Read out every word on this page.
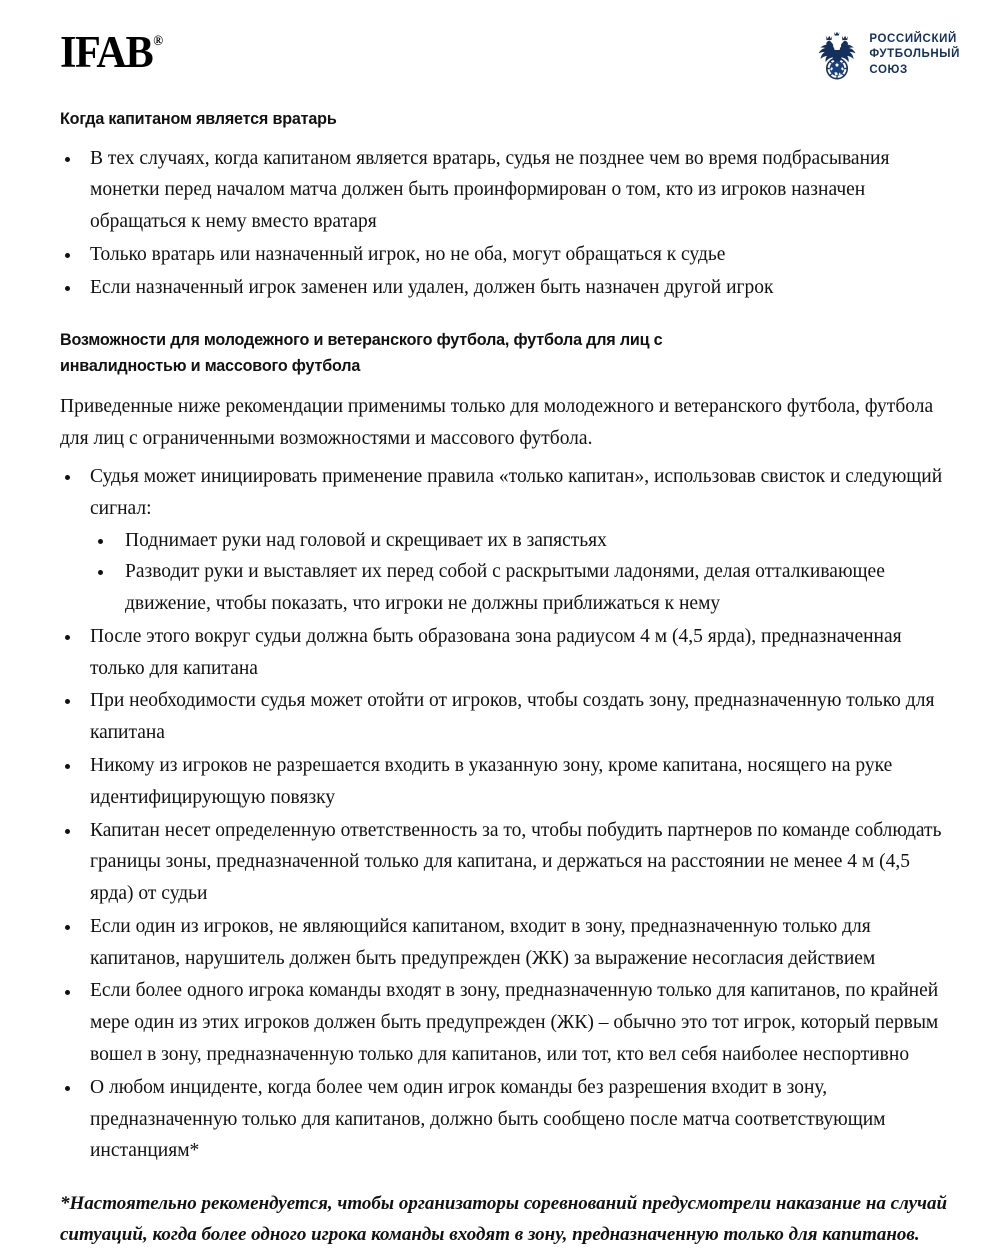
IFAB®	РОССИЙСКИЙ
ФУТБОЛЬНЫЙ
СОЮЗ
Когда капитаном является вратарь
В тех случаях, когда капитаном является вратарь, судья не позднее чем во время подбрасывания монетки перед началом матча должен быть проинформирован о том, кто из игроков назначен обращаться к нему вместо вратаря
Только вратарь или назначенный игрок, но не оба, могут обращаться к судье
Если назначенный игрок заменен или удален, должен быть назначен другой игрок
Возможности для молодежного и ветеранского футбола, футбола для лиц с
инвалидностью и массового футбола

Приведенные ниже рекомендации применимы только для молодежного и ветеранского футбола, футбола для лиц с ограниченными возможностями и массового футбола.

Судья может инициировать применение правила «только капитан», использовав свисток и следующий сигнал:
Поднимает руки над головой и скрещивает их в запястьях
Разводит руки и выставляет их перед собой с раскрытыми ладонями, делая отталкивающее движение, чтобы показать, что игроки не должны приближаться к нему
После этого вокруг судьи должна быть образована зона радиусом 4 м (4,5 ярда), предназначенная только для капитана
При необходимости судья может отойти от игроков, чтобы создать зону, предназначенную только для капитана
Никому из игроков не разрешается входить в указанную зону, кроме капитана, носящего на руке идентифицирующую повязку
Капитан несет определенную ответственность за то, чтобы побудить партнеров по команде соблюдать границы зоны, предназначенной только для капитана, и держаться на расстоянии не менее 4 м (4,5 ярда) от судьи
Если один из игроков, не являющийся капитаном, входит в зону, предназначенную только для капитанов, нарушитель должен быть предупрежден (ЖК) за выражение несогласия действием
Если более одного игрока команды входят в зону, предназначенную только для капитанов, по крайней мере один из этих игроков должен быть предупрежден (ЖК) – обычно это тот игрок, который первым вошел в зону, предназначенную только для капитанов, или тот, кто вел себя наиболее неспортивно
О любом инциденте, когда более чем один игрок команды без разрешения входит в зону, предназначенную только для капитанов, должно быть сообщено после матча соответствующим инстанциям*

*Настоятельно рекомендуется, чтобы организаторы соревнований предусмотрели наказание на случай ситуаций, когда более одного игрока команды входят в зону, предназначенную только для капитанов.
